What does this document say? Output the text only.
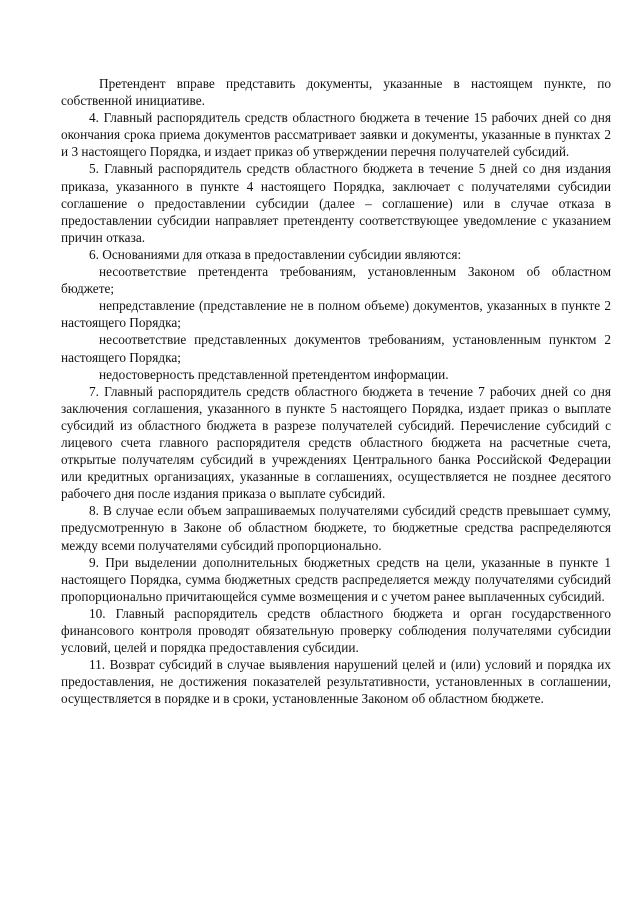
Претендент вправе представить документы, указанные в настоящем пункте, по собственной инициативе.

4. Главный распорядитель средств областного бюджета в течение 15 рабочих дней со дня окончания срока приема документов рассматривает заявки и документы, указанные в пунктах 2 и 3 настоящего Порядка, и издает приказ об утверждении перечня получателей субсидий.

5. Главный распорядитель средств областного бюджета в течение 5 дней со дня издания приказа, указанного в пункте 4 настоящего Порядка, заключает с получателями субсидии соглашение о предоставлении субсидии (далее – соглашение) или в случае отказа в предоставлении субсидии направляет претенденту соответствующее уведомление с указанием причин отказа.

6. Основаниями для отказа в предоставлении субсидии являются:

несоответствие претендента требованиям, установленным Законом об областном бюджете;

непредставление (представление не в полном объеме) документов, указанных в пункте 2 настоящего Порядка;

несоответствие представленных документов требованиям, установленным пунктом 2 настоящего Порядка;

недостоверность представленной претендентом информации.

7. Главный распорядитель средств областного бюджета в течение 7 рабочих дней со дня заключения соглашения, указанного в пункте 5 настоящего Порядка, издает приказ о выплате субсидий из областного бюджета в разрезе получателей субсидий. Перечисление субсидий с лицевого счета главного распорядителя средств областного бюджета на расчетные счета, открытые получателям субсидий в учреждениях Центрального банка Российской Федерации или кредитных организациях, указанные в соглашениях, осуществляется не позднее десятого рабочего дня после издания приказа о выплате субсидий.

8. В случае если объем запрашиваемых получателями субсидий средств превышает сумму, предусмотренную в Законе об областном бюджете, то бюджетные средства распределяются между всеми получателями субсидий пропорционально.

9. При выделении дополнительных бюджетных средств на цели, указанные в пункте 1 настоящего Порядка, сумма бюджетных средств распределяется между получателями субсидий пропорционально причитающейся сумме возмещения и с учетом ранее выплаченных субсидий.

10. Главный распорядитель средств областного бюджета и орган государственного финансового контроля проводят обязательную проверку соблюдения получателями субсидии условий, целей и порядка предоставления субсидии.

11. Возврат субсидий в случае выявления нарушений целей и (или) условий и порядка их предоставления, не достижения показателей результативности, установленных в соглашении, осуществляется в порядке и в сроки, установленные Законом об областном бюджете.
